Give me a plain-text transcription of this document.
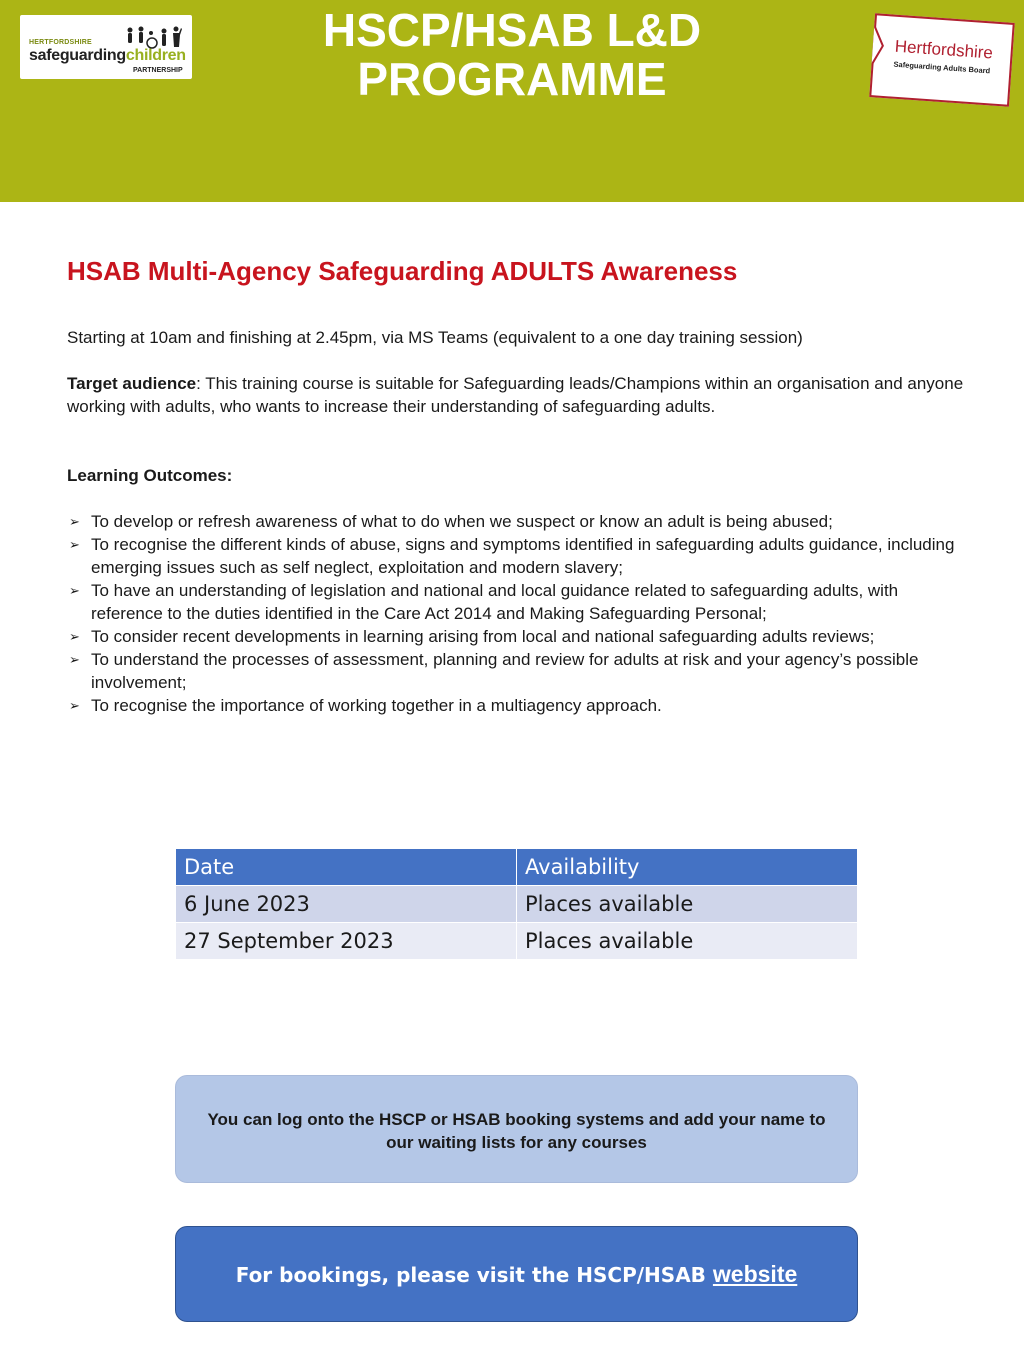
HERTFORDSHIRE
safeguardingchildren
PARTNERSHIP
HSCP/HSAB L&D
PROGRAMME
Hertfordshire
Safeguarding Adults Board
HSAB Multi-Agency Safeguarding ADULTS Awareness
Starting at 10am and finishing at 2.45pm, via MS Teams (equivalent to a one day training session)
Target audience: This training course is suitable for Safeguarding leads/Champions within an organisation and anyone working with adults, who wants to increase their understanding of safeguarding adults.
Learning Outcomes:
➢ To develop or refresh awareness of what to do when we suspect or know an adult is being abused;
➢ To recognise the different kinds of abuse, signs and symptoms identified in safeguarding adults guidance, including emerging issues such as self neglect, exploitation and modern slavery;
➢ To have an understanding of legislation and national and local guidance related to safeguarding adults, with reference to the duties identified in the Care Act 2014 and Making Safeguarding Personal;
➢ To consider recent developments in learning arising from local and national safeguarding adults reviews;
➢ To understand the processes of assessment, planning and review for adults at risk and your agency’s possible involvement;
➢ To recognise the importance of working together in a multiagency approach.
Date	Availability
6 June 2023	Places available
27 September 2023	Places available
You can log onto the HSCP or HSAB booking systems and add your name to our waiting lists for any courses
For bookings, please visit the HSCP/HSAB website
